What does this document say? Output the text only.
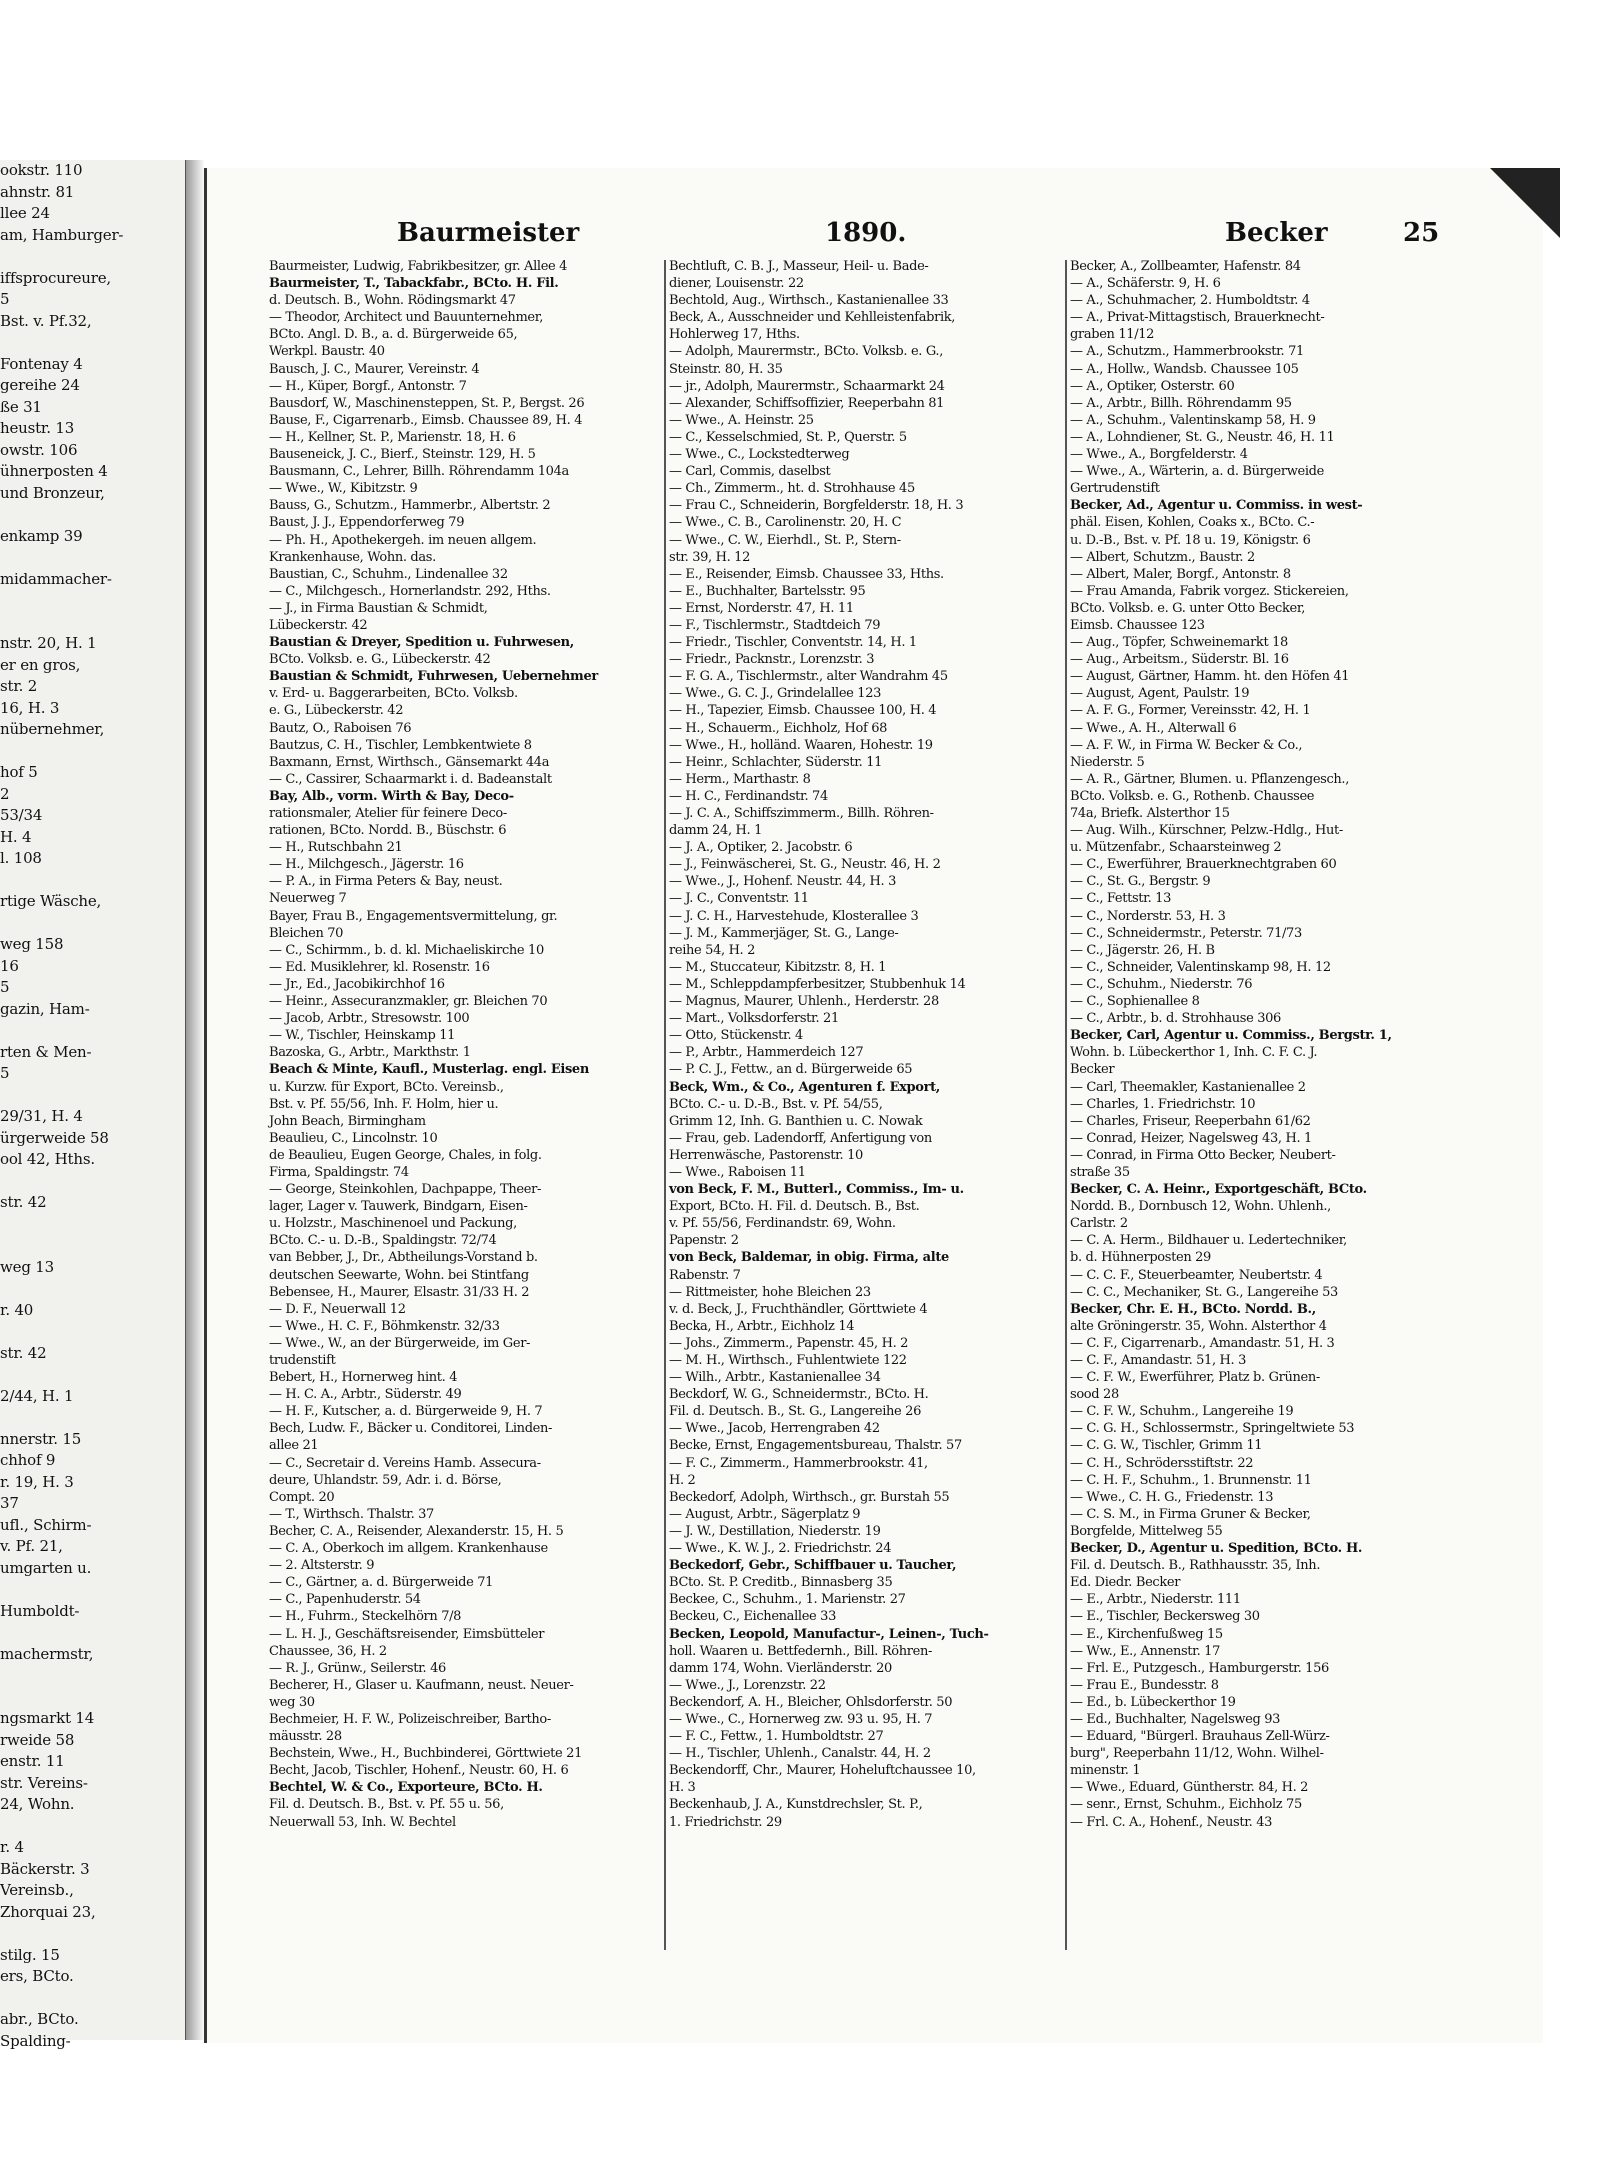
ookstr. 110
ahnstr. 81
llee 24
am, Hamburger-

iffsprocureure,
5
Bst. v. Pf.32,

Fontenay 4
gereihe 24
ße 31
heustr. 13
owstr. 106
ühnerposten 4
und Bronzeur,

enkamp 39

midammacher-

nstr. 20, H. 1
er en gros,
str. 2
16, H. 3
nübernehmer,

hof 5
2
53/34
H. 4
l. 108

rtige Wäsche,

weg 158
16
5
gazin, Ham-

rten & Men-
5

29/31, H. 4
ürgerweide 58
ool 42, Hths.

str. 42

weg 13

r. 40

str. 42

2/44, H. 1

nnerstr. 15
chhof 9
r. 19, H. 3
37
ufl., Schirm-
v. Pf. 21,
umgarten u.

Humboldt-

machermstr,

ngsmarkt 14
rweide 58
enstr. 11
str. Vereins-
24, Wohn.

r. 4
Bäckerstr. 3
Vereinsb.,
Zhorquai 23,

stilg. 15
ers, BCto.

abr., BCto.
Spalding-
Baurmeister	1890.	Becker	25
Baurmeister, Ludwig, Fabrikbesitzer, gr. Allee 4
Baurmeister, T., Tabackfabr., BCto. H. Fil.
d. Deutsch. B., Wohn. Rödingsmarkt 47
— Theodor, Architect und Bauunternehmer,
BCto. Angl. D. B., a. d. Bürgerweide 65,
Werkpl. Baustr. 40
Bausch, J. C., Maurer, Vereinstr. 4
— H., Küper, Borgf., Antonstr. 7
Bausdorf, W., Maschinensteppen, St. P., Bergst. 26
Bause, F., Cigarrenarb., Eimsb. Chaussee 89, H. 4
— H., Kellner, St. P., Marienstr. 18, H. 6
Bauseneick, J. C., Bierf., Steinstr. 129, H. 5
Bausmann, C., Lehrer, Billh. Röhrendamm 104a
— Wwe., W., Kibitzstr. 9
Bauss, G., Schutzm., Hammerbr., Albertstr. 2
Baust, J. J., Eppendorferweg 79
— Ph. H., Apothekergeh. im neuen allgem.
Krankenhause, Wohn. das.
Baustian, C., Schuhm., Lindenallee 32
— C., Milchgesch., Hornerlandstr. 292, Hths.
— J., in Firma Baustian & Schmidt,
Lübeckerstr. 42
Baustian & Dreyer, Spedition u. Fuhrwesen,
BCto. Volksb. e. G., Lübeckerstr. 42
Baustian & Schmidt, Fuhrwesen, Uebernehmer
v. Erd- u. Baggerarbeiten, BCto. Volksb.
e. G., Lübeckerstr. 42
Bautz, O., Raboisen 76
Bautzus, C. H., Tischler, Lembkentwiete 8
Baxmann, Ernst, Wirthsch., Gänsemarkt 44a
— C., Cassirer, Schaarmarkt i. d. Badeanstalt
Bay, Alb., vorm. Wirth & Bay, Deco-
rationsmaler, Atelier für feinere Deco-
rationen, BCto. Nordd. B., Büschstr. 6
— H., Rutschbahn 21
— H., Milchgesch., Jägerstr. 16
— P. A., in Firma Peters & Bay, neust.
Neuerweg 7
Bayer, Frau B., Engagementsvermittelung, gr.
Bleichen 70
— C., Schirmm., b. d. kl. Michaeliskirche 10
— Ed. Musiklehrer, kl. Rosenstr. 16
— Jr., Ed., Jacobikirchhof 16
— Heinr., Assecuranzmakler, gr. Bleichen 70
— Jacob, Arbtr., Stresowstr. 100
— W., Tischler, Heinskamp 11
Bazoska, G., Arbtr., Markthstr. 1
Beach & Minte, Kaufl., Musterlag. engl. Eisen
u. Kurzw. für Export, BCto. Vereinsb.,
Bst. v. Pf. 55/56, Inh. F. Holm, hier u.
John Beach, Birmingham
Beaulieu, C., Lincolnstr. 10
de Beaulieu, Eugen George, Chales, in folg.
Firma, Spaldingstr. 74
— George, Steinkohlen, Dachpappe, Theer-
lager, Lager v. Tauwerk, Bindgarn, Eisen-
u. Holzstr., Maschinenoel und Packung,
BCto. C.- u. D.-B., Spaldingstr. 72/74
van Bebber, J., Dr., Abtheilungs-Vorstand b.
deutschen Seewarte, Wohn. bei Stintfang
Bebensee, H., Maurer, Elsastr. 31/33 H. 2
— D. F., Neuerwall 12
— Wwe., H. C. F., Böhmkenstr. 32/33
— Wwe., W., an der Bürgerweide, im Ger-
trudenstift
Bebert, H., Hornerweg hint. 4
— H. C. A., Arbtr., Süderstr. 49
— H. F., Kutscher, a. d. Bürgerweide 9, H. 7
Bech, Ludw. F., Bäcker u. Conditorei, Linden-
allee 21
— C., Secretair d. Vereins Hamb. Assecura-
deure, Uhlandstr. 59, Adr. i. d. Börse,
Compt. 20
— T., Wirthsch. Thalstr. 37
Becher, C. A., Reisender, Alexanderstr. 15, H. 5
— C. A., Oberkoch im allgem. Krankenhause
— 2. Altsterstr. 9
— C., Gärtner, a. d. Bürgerweide 71
— C., Papenhuderstr. 54
— H., Fuhrm., Steckelhörn 7/8
— L. H. J., Geschäftsreisender, Eimsbütteler
Chaussee, 36, H. 2
— R. J., Grünw., Seilerstr. 46
Becherer, H., Glaser u. Kaufmann, neust. Neuer-
weg 30
Bechmeier, H. F. W., Polizeischreiber, Bartho-
mäusstr. 28
Bechstein, Wwe., H., Buchbinderei, Görttwiete 21
Becht, Jacob, Tischler, Hohenf., Neustr. 60, H. 6
Bechtel, W. & Co., Exporteure, BCto. H.
Fil. d. Deutsch. B., Bst. v. Pf. 55 u. 56,
Neuerwall 53, Inh. W. Bechtel
Bechtluft, C. B. J., Masseur, Heil- u. Bade-
diener, Louisenstr. 22
Bechtold, Aug., Wirthsch., Kastanienallee 33
Beck, A., Ausschneider und Kehlleistenfabrik,
Hohlerweg 17, Hths.
— Adolph, Maurermstr., BCto. Volksb. e. G.,
Steinstr. 80, H. 35
— jr., Adolph, Maurermstr., Schaarmarkt 24
— Alexander, Schiffsoffizier, Reeperbahn 81
— Wwe., A. Heinstr. 25
— C., Kesselschmied, St. P., Querstr. 5
— Wwe., C., Lockstedterweg
— Carl, Commis, daselbst
— Ch., Zimmerm., ht. d. Strohhause 45
— Frau C., Schneiderin, Borgfelderstr. 18, H. 3
— Wwe., C. B., Carolinenstr. 20, H. C
— Wwe., C. W., Eierhdl., St. P., Stern-
str. 39, H. 12
— E., Reisender, Eimsb. Chaussee 33, Hths.
— E., Buchhalter, Bartelsstr. 95
— Ernst, Norderstr. 47, H. 11
— F., Tischlermstr., Stadtdeich 79
— Friedr., Tischler, Conventstr. 14, H. 1
— Friedr., Packnstr., Lorenzstr. 3
— F. G. A., Tischlermstr., alter Wandrahm 45
— Wwe., G. C. J., Grindelallee 123
— H., Tapezier, Eimsb. Chaussee 100, H. 4
— H., Schauerm., Eichholz, Hof 68
— Wwe., H., holländ. Waaren, Hohestr. 19
— Heinr., Schlachter, Süderstr. 11
— Herm., Marthastr. 8
— H. C., Ferdinandstr. 74
— J. C. A., Schiffszimmerm., Billh. Röhren-
damm 24, H. 1
— J. A., Optiker, 2. Jacobstr. 6
— J., Feinwäscherei, St. G., Neustr. 46, H. 2
— Wwe., J., Hohenf. Neustr. 44, H. 3
— J. C., Conventstr. 11
— J. C. H., Harvestehude, Klosterallee 3
— J. M., Kammerjäger, St. G., Lange-
reihe 54, H. 2
— M., Stuccateur, Kibitzstr. 8, H. 1
— M., Schleppdampferbesitzer, Stubbenhuk 14
— Magnus, Maurer, Uhlenh., Herderstr. 28
— Mart., Volksdorferstr. 21
— Otto, Stückenstr. 4
— P., Arbtr., Hammerdeich 127
— P. C. J., Fettw., an d. Bürgerweide 65
Beck, Wm., & Co., Agenturen f. Export,
BCto. C.- u. D.-B., Bst. v. Pf. 54/55,
Grimm 12, Inh. G. Banthien u. C. Nowak
— Frau, geb. Ladendorff, Anfertigung von
Herrenwäsche, Pastorenstr. 10
— Wwe., Raboisen 11
von Beck, F. M., Butterl., Commiss., Im- u.
Export, BCto. H. Fil. d. Deutsch. B., Bst.
v. Pf. 55/56, Ferdinandstr. 69, Wohn.
Papenstr. 2
von Beck, Baldemar, in obig. Firma, alte
Rabenstr. 7
— Rittmeister, hohe Bleichen 23
v. d. Beck, J., Fruchthändler, Görttwiete 4
Becka, H., Arbtr., Eichholz 14
— Johs., Zimmerm., Papenstr. 45, H. 2
— M. H., Wirthsch., Fuhlentwiete 122
— Wilh., Arbtr., Kastanienallee 34
Beckdorf, W. G., Schneidermstr., BCto. H.
Fil. d. Deutsch. B., St. G., Langereihe 26
— Wwe., Jacob, Herrengraben 42
Becke, Ernst, Engagementsbureau, Thalstr. 57
— F. C., Zimmerm., Hammerbrookstr. 41,
H. 2
Beckedorf, Adolph, Wirthsch., gr. Burstah 55
— August, Arbtr., Sägerplatz 9
— J. W., Destillation, Niederstr. 19
— Wwe., K. W. J., 2. Friedrichstr. 24
Beckedorf, Gebr., Schiffbauer u. Taucher,
BCto. St. P. Creditb., Binnasberg 35
Beckee, C., Schuhm., 1. Marienstr. 27
Beckeu, C., Eichenallee 33
Becken, Leopold, Manufactur-, Leinen-, Tuch-
holl. Waaren u. Bettfedernh., Bill. Röhren-
damm 174, Wohn. Vierländerstr. 20
— Wwe., J., Lorenzstr. 22
Beckendorf, A. H., Bleicher, Ohlsdorferstr. 50
— Wwe., C., Hornerweg zw. 93 u. 95, H. 7
— F. C., Fettw., 1. Humboldtstr. 27
— H., Tischler, Uhlenh., Canalstr. 44, H. 2
Beckendorff, Chr., Maurer, Hoheluftchaussee 10,
H. 3
Beckenhaub, J. A., Kunstdrechsler, St. P.,
1. Friedrichstr. 29
Becker, A., Zollbeamter, Hafenstr. 84
— A., Schäferstr. 9, H. 6
— A., Schuhmacher, 2. Humboldtstr. 4
— A., Privat-Mittagstisch, Brauerknecht-
graben 11/12
— A., Schutzm., Hammerbrookstr. 71
— A., Hollw., Wandsb. Chaussee 105
— A., Optiker, Osterstr. 60
— A., Arbtr., Billh. Röhrendamm 95
— A., Schuhm., Valentinskamp 58, H. 9
— A., Lohndiener, St. G., Neustr. 46, H. 11
— Wwe., A., Borgfelderstr. 4
— Wwe., A., Wärterin, a. d. Bürgerweide
Gertrudenstift
Becker, Ad., Agentur u. Commiss. in west-
phäl. Eisen, Kohlen, Coaks x., BCto. C.-
u. D.-B., Bst. v. Pf. 18 u. 19, Königstr. 6
— Albert, Schutzm., Baustr. 2
— Albert, Maler, Borgf., Antonstr. 8
— Frau Amanda, Fabrik vorgez. Stickereien,
BCto. Volksb. e. G. unter Otto Becker,
Eimsb. Chaussee 123
— Aug., Töpfer, Schweinemarkt 18
— Aug., Arbeitsm., Süderstr. Bl. 16
— August, Gärtner, Hamm. ht. den Höfen 41
— August, Agent, Paulstr. 19
— A. F. G., Former, Vereinsstr. 42, H. 1
— Wwe., A. H., Alterwall 6
— A. F. W., in Firma W. Becker & Co.,
Niederstr. 5
— A. R., Gärtner, Blumen. u. Pflanzengesch.,
BCto. Volksb. e. G., Rothenb. Chaussee
74a, Briefk. Alsterthor 15
— Aug. Wilh., Kürschner, Pelzw.-Hdlg., Hut-
u. Mützenfabr., Schaarsteinweg 2
— C., Ewerführer, Brauerknechtgraben 60
— C., St. G., Bergstr. 9
— C., Fettstr. 13
— C., Norderstr. 53, H. 3
— C., Schneidermstr., Peterstr. 71/73
— C., Jägerstr. 26, H. B
— C., Schneider, Valentinskamp 98, H. 12
— C., Schuhm., Niederstr. 76
— C., Sophienallee 8
— C., Arbtr., b. d. Strohhause 306
Becker, Carl, Agentur u. Commiss., Bergstr. 1,
Wohn. b. Lübeckerthor 1, Inh. C. F. C. J.
Becker
— Carl, Theemakler, Kastanienallee 2
— Charles, 1. Friedrichstr. 10
— Charles, Friseur, Reeperbahn 61/62
— Conrad, Heizer, Nagelsweg 43, H. 1
— Conrad, in Firma Otto Becker, Neubert-
straße 35
Becker, C. A. Heinr., Exportgeschäft, BCto.
Nordd. B., Dornbusch 12, Wohn. Uhlenh.,
Carlstr. 2
— C. A. Herm., Bildhauer u. Ledertechniker,
b. d. Hühnerposten 29
— C. C. F., Steuerbeamter, Neubertstr. 4
— C. C., Mechaniker, St. G., Langereihe 53
Becker, Chr. E. H., BCto. Nordd. B.,
alte Gröningerstr. 35, Wohn. Alsterthor 4
— C. F., Cigarrenarb., Amandastr. 51, H. 3
— C. F., Amandastr. 51, H. 3
— C. F. W., Ewerführer, Platz b. Grünen-
sood 28
— C. F. W., Schuhm., Langereihe 19
— C. G. H., Schlossermstr., Springeltwiete 53
— C. G. W., Tischler, Grimm 11
— C. H., Schrödersstiftstr. 22
— C. H. F., Schuhm., 1. Brunnenstr. 11
— Wwe., C. H. G., Friedenstr. 13
— C. S. M., in Firma Gruner & Becker,
Borgfelde, Mittelweg 55
Becker, D., Agentur u. Spedition, BCto. H.
Fil. d. Deutsch. B., Rathhausstr. 35, Inh.
Ed. Diedr. Becker
— E., Arbtr., Niederstr. 111
— E., Tischler, Beckersweg 30
— E., Kirchenfußweg 15
— Ww., E., Annenstr. 17
— Frl. E., Putzgesch., Hamburgerstr. 156
— Frau E., Bundesstr. 8
— Ed., b. Lübeckerthor 19
— Ed., Buchhalter, Nagelsweg 93
— Eduard, "Bürgerl. Brauhaus Zell-Würz-
burg", Reeperbahn 11/12, Wohn. Wilhel-
minenstr. 1
— Wwe., Eduard, Güntherstr. 84, H. 2
— senr., Ernst, Schuhm., Eichholz 75
— Frl. C. A., Hohenf., Neustr. 43
